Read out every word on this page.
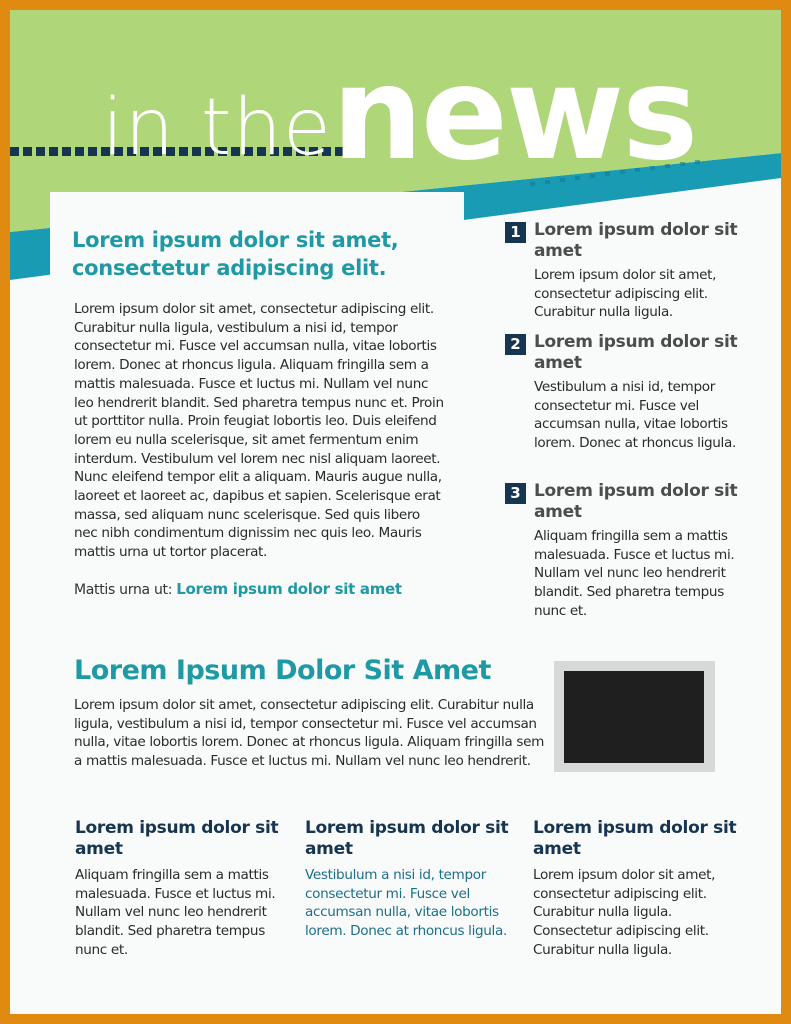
in thenews
Lorem ipsum dolor sit amet, consectetur adipiscing elit.
Lorem ipsum dolor sit amet, consectetur adipiscing elit. Curabitur nulla ligula, vestibulum a nisi id, tempor consectetur mi. Fusce vel accumsan nulla, vitae lobortis lorem. Donec at rhoncus ligula. Aliquam fringilla sem a mattis malesuada. Fusce et luctus mi. Nullam vel nunc leo hendrerit blandit. Sed pharetra tempus nunc et. Proin ut porttitor nulla. Proin feugiat lobortis leo. Duis eleifend lorem eu nulla scelerisque, sit amet fermentum enim interdum. Vestibulum vel lorem nec nisl aliquam laoreet. Nunc eleifend tempor elit a aliquam. Mauris augue nulla, laoreet et laoreet ac, dapibus et sapien. Scelerisque erat massa, sed aliquam nunc scelerisque. Sed quis libero nec nibh condimentum dignissim nec quis leo. Mauris mattis urna ut tortor placerat.
Mattis urna ut: Lorem ipsum dolor sit amet
1 Lorem ipsum dolor sit amet
Lorem ipsum dolor sit amet, consectetur adipiscing elit. Curabitur nulla ligula.
2 Lorem ipsum dolor sit amet
Vestibulum a nisi id, tempor consectetur mi. Fusce vel accumsan nulla, vitae lobortis lorem. Donec at rhoncus ligula.
3 Lorem ipsum dolor sit amet
Aliquam fringilla sem a mattis malesuada. Fusce et luctus mi. Nullam vel nunc leo hendrerit blandit. Sed pharetra tempus nunc et.
Lorem Ipsum Dolor Sit Amet
Lorem ipsum dolor sit amet, consectetur adipiscing elit. Curabitur nulla ligula, vestibulum a nisi id, tempor consectetur mi. Fusce vel accumsan nulla, vitae lobortis lorem. Donec at rhoncus ligula. Aliquam fringilla sem a mattis malesuada. Fusce et luctus mi. Nullam vel nunc leo hendrerit.
Lorem ipsum dolor sit amet
Aliquam fringilla sem a mattis malesuada. Fusce et luctus mi. Nullam vel nunc leo hendrerit blandit. Sed pharetra tempus nunc et.
Lorem ipsum dolor sit amet
Vestibulum a nisi id, tempor consectetur mi. Fusce vel accumsan nulla, vitae lobortis lorem. Donec at rhoncus ligula.
Lorem ipsum dolor sit amet
Lorem ipsum dolor sit amet, consectetur adipiscing elit. Curabitur nulla ligula. Consectetur adipiscing elit. Curabitur nulla ligula.
